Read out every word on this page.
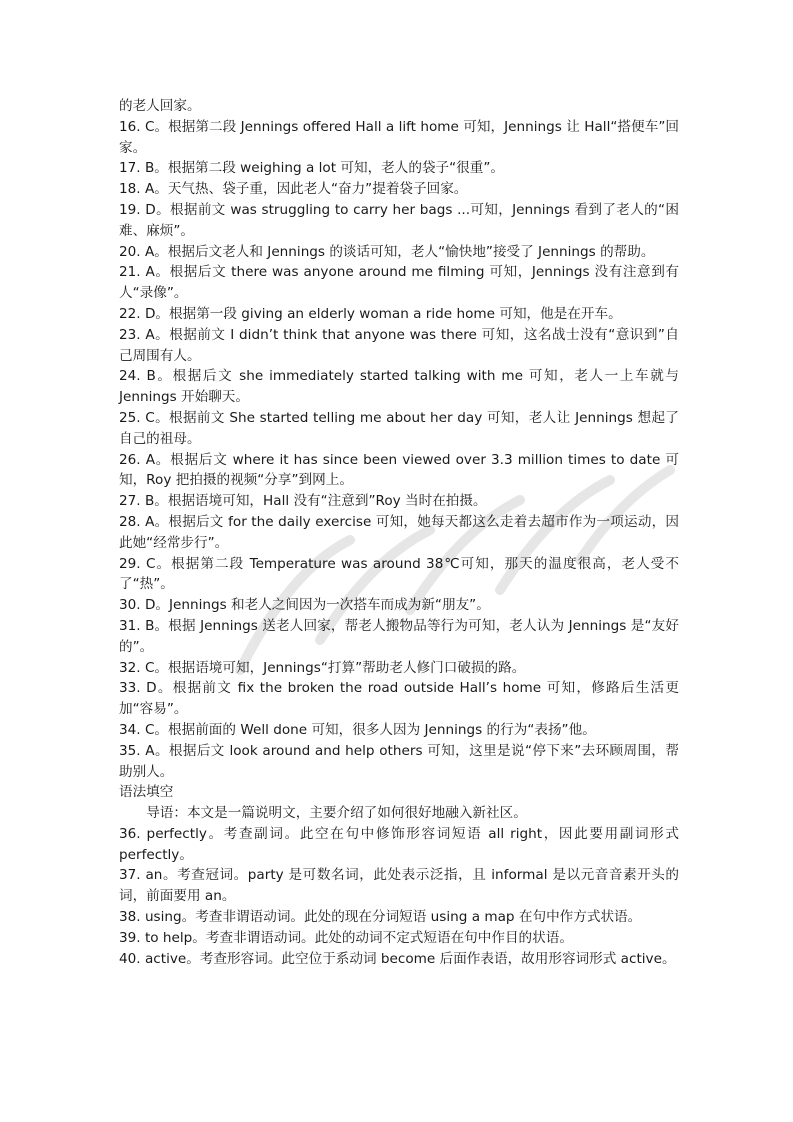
的老人回家。

16. C。根据第二段 Jennings offered Hall a lift home 可知，Jennings 让 Hall“搭便车”回家。

17. B。根据第二段 weighing a lot 可知，老人的袋子“很重”。

18. A。天气热、袋子重，因此老人“奋力”提着袋子回家。

19. D。根据前文 was struggling to carry her bags ...可知，Jennings 看到了老人的“困难、麻烦”。

20. A。根据后文老人和 Jennings 的谈话可知，老人“愉快地”接受了 Jennings 的帮助。

21. A。根据后文 there was anyone around me filming 可知，Jennings 没有注意到有人“录像”。

22. D。根据第一段 giving an elderly woman a ride home 可知，他是在开车。

23. A。根据前文 I didn’t think that anyone was there 可知，这名战士没有“意识到”自己周围有人。

24. B。根据后文 she immediately started talking with me 可知，老人一上车就与 Jennings 开始聊天。

25. C。根据前文 She started telling me about her day 可知，老人让 Jennings 想起了自己的祖母。

26. A。根据后文 where it has since been viewed over 3.3 million times to date 可知，Roy 把拍摄的视频“分享”到网上。

27. B。根据语境可知，Hall 没有“注意到”Roy 当时在拍摄。

28. A。根据后文 for the daily exercise 可知，她每天都这么走着去超市作为一项运动，因此她“经常步行”。

29. C。根据第二段 Temperature was around 38℃可知，那天的温度很高，老人受不了“热”。

30. D。Jennings 和老人之间因为一次搭车而成为新“朋友”。

31. B。根据 Jennings 送老人回家，帮老人搬物品等行为可知，老人认为 Jennings 是“友好的”。

32. C。根据语境可知，Jennings“打算”帮助老人修门口破损的路。

33. D。根据前文 fix the broken the road outside Hall’s home 可知，修路后生活更加“容易”。

34. C。根据前面的 Well done 可知，很多人因为 Jennings 的行为“表扬”他。

35. A。根据后文 look around and help others 可知，这里是说“停下来”去环顾周围，帮助别人。

语法填空

导语：本文是一篇说明文，主要介绍了如何很好地融入新社区。

36. perfectly。考查副词。此空在句中修饰形容词短语 all right，因此要用副词形式 perfectly。

37. an。考查冠词。party 是可数名词，此处表示泛指，且 informal 是以元音音素开头的词，前面要用 an。

38. using。考查非谓语动词。此处的现在分词短语 using a map 在句中作方式状语。

39. to help。考查非谓语动词。此处的动词不定式短语在句中作目的状语。

40. active。考查形容词。此空位于系动词 become 后面作表语，故用形容词形式 active。
